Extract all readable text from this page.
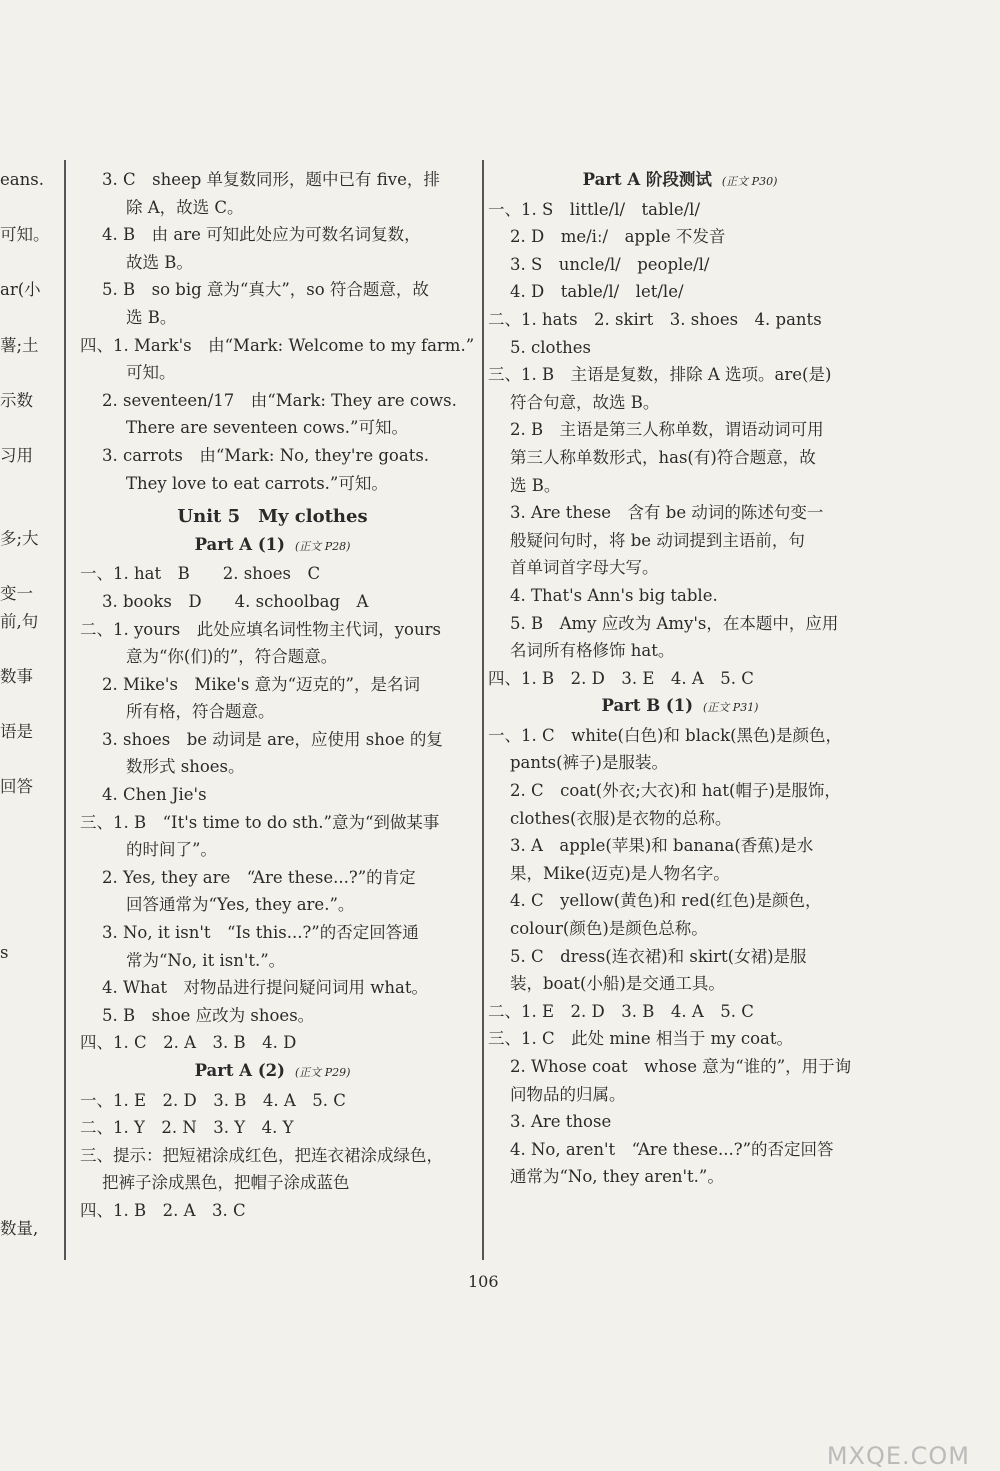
eans.

可知。

ar(小

薯;土

示数

习用

多;大

变一
前,句

数事

语是

回答

s

数量,
3. C　sheep 单复数同形，题中已有 five，排
除 A，故选 C。
4. B　由 are 可知此处应为可数名词复数，
故选 B。
5. B　so big 意为“真大”，so 符合题意，故
选 B。
四、1. Mark's　由“Mark: Welcome to my farm.”
可知。
2. seventeen/17　由“Mark: They are cows.
There are seventeen cows.”可知。
3. carrots　由“Mark: No, they're goats.
They love to eat carrots.”可知。
Unit 5　My clothes
Part A (1) (正文 P28)
一、1. hat　B　　2. shoes　C
3. books　D　　4. schoolbag　A
二、1. yours　此处应填名词性物主代词，yours
意为“你(们)的”，符合题意。
2. Mike's　Mike's 意为“迈克的”，是名词
所有格，符合题意。
3. shoes　be 动词是 are，应使用 shoe 的复
数形式 shoes。
4. Chen Jie's
三、1. B　“It's time to do sth.”意为“到做某事
的时间了”。
2. Yes, they are　“Are these...?”的肯定
回答通常为“Yes, they are.”。
3. No, it isn't　“Is this...?”的否定回答通
常为“No, it isn't.”。
4. What　对物品进行提问疑问词用 what。
5. B　shoe 应改为 shoes。
四、1. C　2. A　3. B　4. D
Part A (2) (正文 P29)
一、1. E　2. D　3. B　4. A　5. C
二、1. Y　2. N　3. Y　4. Y
三、提示：把短裙涂成红色，把连衣裙涂成绿色，
把裤子涂成黑色，把帽子涂成蓝色
四、1. B　2. A　3. C
Part A 阶段测试 (正文 P30)
一、1. S　little/l/　table/l/
2. D　me/iː/　apple 不发音
3. S　uncle/l/　people/l/
4. D　table/l/　let/le/
二、1. hats　2. skirt　3. shoes　4. pants
5. clothes
三、1. B　主语是复数，排除 A 选项。are(是)
符合句意，故选 B。
2. B　主语是第三人称单数，谓语动词可用
第三人称单数形式，has(有)符合题意，故
选 B。
3. Are these　含有 be 动词的陈述句变一
般疑问句时，将 be 动词提到主语前，句
首单词首字母大写。
4. That's Ann's big table.
5. B　Amy 应改为 Amy's，在本题中，应用
名词所有格修饰 hat。
四、1. B　2. D　3. E　4. A　5. C
Part B (1) (正文 P31)
一、1. C　white(白色)和 black(黑色)是颜色，
pants(裤子)是服装。
2. C　coat(外衣;大衣)和 hat(帽子)是服饰，
clothes(衣服)是衣物的总称。
3. A　apple(苹果)和 banana(香蕉)是水
果，Mike(迈克)是人物名字。
4. C　yellow(黄色)和 red(红色)是颜色，
colour(颜色)是颜色总称。
5. C　dress(连衣裙)和 skirt(女裙)是服
装，boat(小船)是交通工具。
二、1. E　2. D　3. B　4. A　5. C
三、1. C　此处 mine 相当于 my coat。
2. Whose coat　whose 意为“谁的”，用于询
问物品的归属。
3. Are those
4. No, aren't　“Are these...?”的否定回答
通常为“No, they aren't.”。
106
MXQE.COM
